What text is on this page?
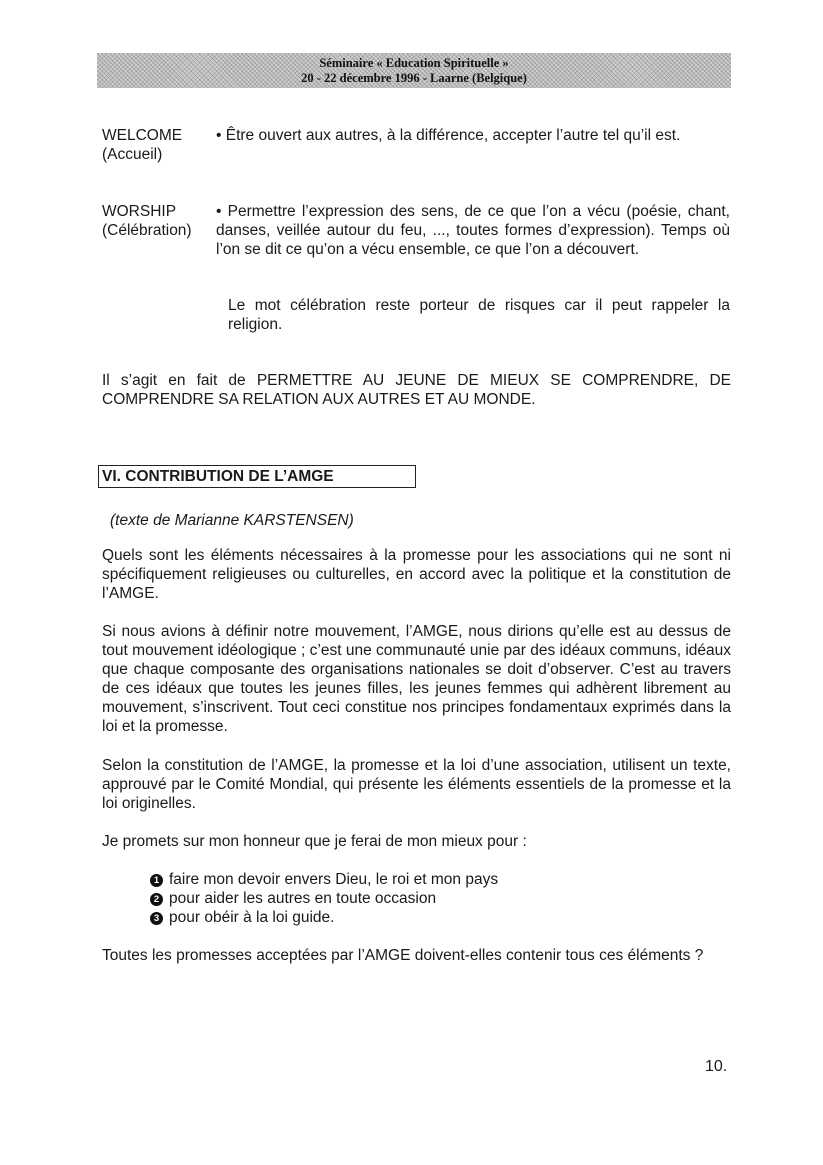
Séminaire « Education Spirituelle »
20 - 22 décembre 1996 - Laarne (Belgique)
WELCOME
(Accueil)
• Être ouvert aux autres, à la différence, accepter l’autre tel qu’il est.
WORSHIP
(Célébration)
• Permettre l’expression des sens, de ce que l’on a vécu (poésie, chant, danses, veillée autour du feu, ..., toutes formes d’expression). Temps où l’on se dit ce qu’on a vécu ensemble, ce que l’on a découvert.
Le mot célébration reste porteur de risques car il peut rappeler la religion.
Il s’agit en fait de PERMETTRE AU JEUNE DE MIEUX SE COMPRENDRE, DE COMPRENDRE SA RELATION AUX AUTRES ET AU MONDE.
VI. CONTRIBUTION DE L’AMGE
(texte de Marianne KARSTENSEN)
Quels sont les éléments nécessaires à la promesse pour les associations qui ne sont ni spécifiquement religieuses ou culturelles, en accord avec la politique et la constitution de l’AMGE.
Si nous avions à définir notre mouvement, l’AMGE, nous dirions qu’elle est au dessus de tout mouvement idéologique ; c’est une communauté unie par des idéaux communs, idéaux que chaque composante des organisations nationales se doit d’observer. C’est au travers de ces idéaux que toutes les jeunes filles, les jeunes femmes qui adhèrent librement au mouvement, s’inscrivent. Tout ceci constitue nos principes fondamentaux exprimés dans la loi et la promesse.
Selon la constitution de l’AMGE, la promesse et la loi d’une association, utilisent un texte, approuvé par le Comité Mondial, qui présente les éléments essentiels de la promesse et la loi originelles.
Je promets sur mon honneur que je ferai de mon mieux pour :
1 faire mon devoir envers Dieu, le roi et mon pays
2 pour aider les autres en toute occasion
3 pour obéir à la loi guide.
Toutes les promesses acceptées par l’AMGE doivent-elles contenir tous ces éléments ?
10.
